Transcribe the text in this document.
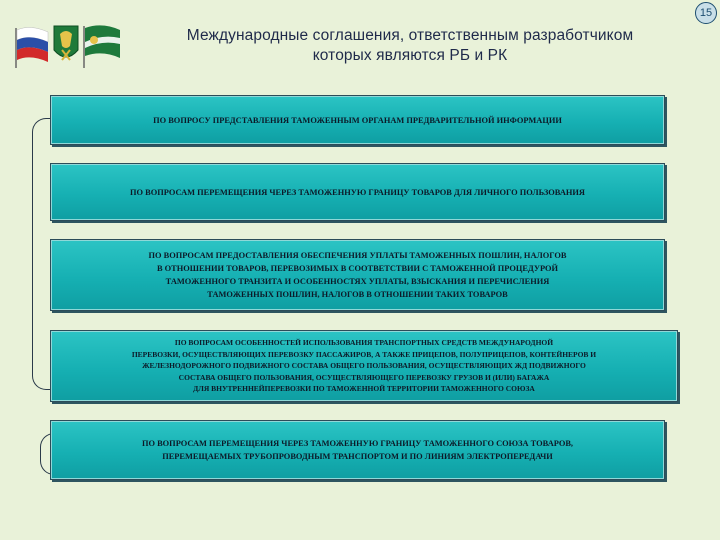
15
Международные соглашения, ответственным разработчиком
которых являются РБ и РК
ПО ВОПРОСУ ПРЕДСТАВЛЕНИЯ ТАМОЖЕННЫМ ОРГАНАМ ПРЕДВАРИТЕЛЬНОЙ ИНФОРМАЦИИ
ПО ВОПРОСАМ ПЕРЕМЕЩЕНИЯ ЧЕРЕЗ ТАМОЖЕННУЮ ГРАНИЦУ ТОВАРОВ ДЛЯ ЛИЧНОГО ПОЛЬЗОВАНИЯ
ПО ВОПРОСАМ ПРЕДОСТАВЛЕНИЯ ОБЕСПЕЧЕНИЯ УПЛАТЫ ТАМОЖЕННЫХ ПОШЛИН, НАЛОГОВ
В ОТНОШЕНИИ ТОВАРОВ, ПЕРЕВОЗИМЫХ В СООТВЕТСТВИИ С ТАМОЖЕННОЙ ПРОЦЕДУРОЙ
ТАМОЖЕННОГО ТРАНЗИТА И ОСОБЕННОСТЯХ УПЛАТЫ, ВЗЫСКАНИЯ И ПЕРЕЧИСЛЕНИЯ
ТАМОЖЕННЫХ ПОШЛИН, НАЛОГОВ В ОТНОШЕНИИ ТАКИХ ТОВАРОВ
ПО ВОПРОСАМ ОСОБЕННОСТЕЙ ИСПОЛЬЗОВАНИЯ ТРАНСПОРТНЫХ СРЕДСТВ МЕЖДУНАРОДНОЙ
ПЕРЕВОЗКИ, ОСУЩЕСТВЛЯЮЩИХ ПЕРЕВОЗКУ ПАССАЖИРОВ, А ТАКЖЕ ПРИЦЕПОВ, ПОЛУПРИЦЕПОВ, КОНТЕЙНЕРОВ И
ЖЕЛЕЗНОДОРОЖНОГО ПОДВИЖНОГО СОСТАВА ОБЩЕГО ПОЛЬЗОВАНИЯ, ОСУЩЕСТВЛЯЮЩИХ ЖД ПОДВИЖНОГО
СОСТАВА ОБЩЕГО ПОЛЬЗОВАНИЯ, ОСУЩЕСТВЛЯЮЩЕГО ПЕРЕВОЗКУ ГРУЗОВ И (ИЛИ) БАГАЖА
ДЛЯ ВНУТРЕННЕЙПЕРЕВОЗКИ ПО ТАМОЖЕННОЙ ТЕРРИТОРИИ ТАМОЖЕННОГО СОЮЗА
ПО ВОПРОСАМ ПЕРЕМЕЩЕНИЯ ЧЕРЕЗ ТАМОЖЕННУЮ ГРАНИЦУ ТАМОЖЕННОГО СОЮЗА ТОВАРОВ,
ПЕРЕМЕЩАЕМЫХ ТРУБОПРОВОДНЫМ ТРАНСПОРТОМ И ПО ЛИНИЯМ ЭЛЕКТРОПЕРЕДАЧИ
